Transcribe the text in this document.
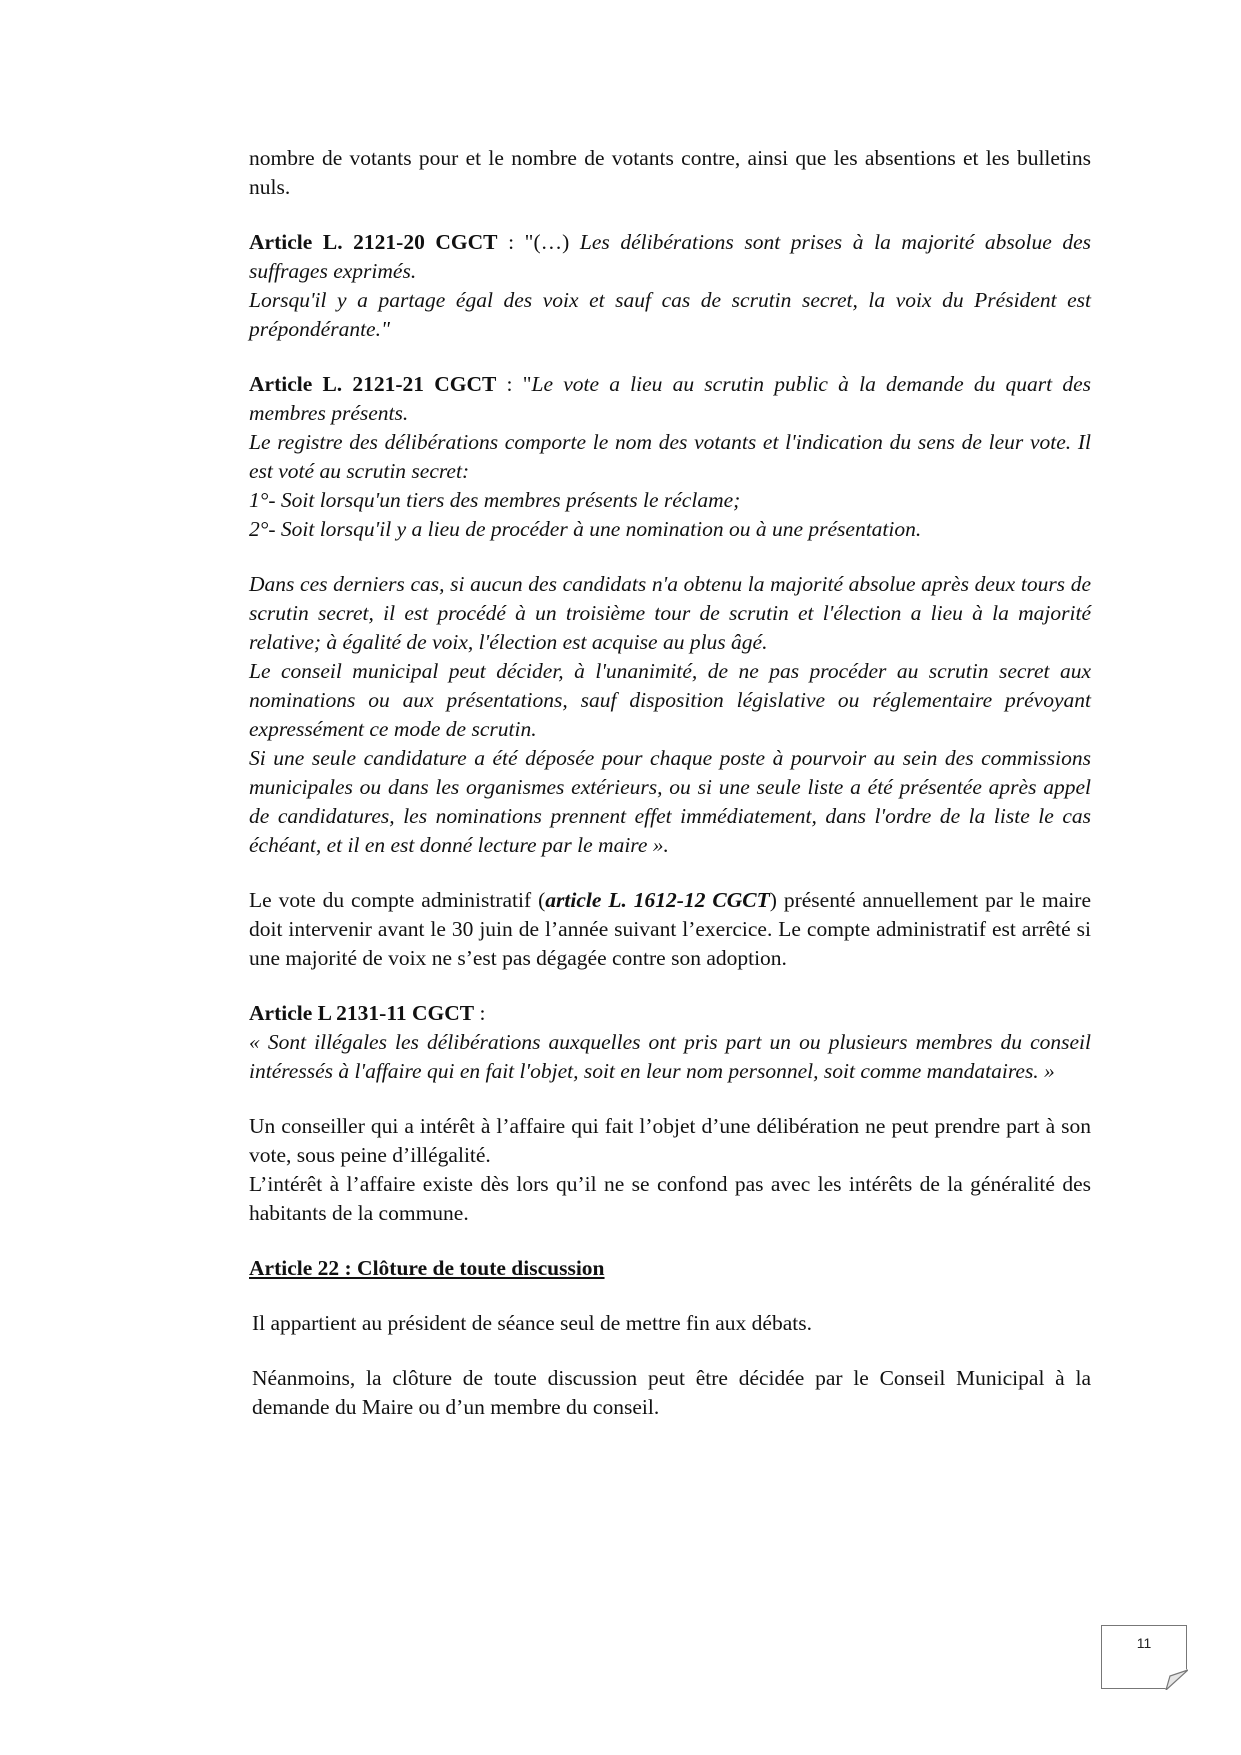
nombre de votants pour et le nombre de votants contre, ainsi que les absentions et les bulletins nuls.

Article L. 2121-20 CGCT : "(…) Les délibérations sont prises à la majorité absolue des suffrages exprimés.

Lorsqu'il y a partage égal des voix et sauf cas de scrutin secret, la voix du Président est prépondérante."

Article L. 2121-21 CGCT : "Le vote a lieu au scrutin public à la demande du quart des membres présents.

Le registre des délibérations comporte le nom des votants et l'indication du sens de leur vote. Il est voté au scrutin secret:

1°- Soit lorsqu'un tiers des membres présents le réclame;

2°- Soit lorsqu'il y a lieu de procéder à une nomination ou à une présentation.

Dans ces derniers cas, si aucun des candidats n'a obtenu la majorité absolue après deux tours de scrutin secret, il est procédé à un troisième tour de scrutin et l'élection a lieu à la majorité relative; à égalité de voix, l'élection est acquise au plus âgé.

Le conseil municipal peut décider, à l'unanimité, de ne pas procéder au scrutin secret aux nominations ou aux présentations, sauf disposition législative ou réglementaire prévoyant expressément ce mode de scrutin.

Si une seule candidature a été déposée pour chaque poste à pourvoir au sein des commissions municipales ou dans les organismes extérieurs, ou si une seule liste a été présentée après appel de candidatures, les nominations prennent effet immédiatement, dans l'ordre de la liste le cas échéant, et il en est donné lecture par le maire ».

Le vote du compte administratif (article L. 1612-12 CGCT) présenté annuellement par le maire doit intervenir avant le 30 juin de l’année suivant l’exercice. Le compte administratif est arrêté si une majorité de voix ne s’est pas dégagée contre son adoption.

Article L 2131-11 CGCT :

« Sont illégales les délibérations auxquelles ont pris part un ou plusieurs membres du conseil intéressés à l'affaire qui en fait l'objet, soit en leur nom personnel, soit comme mandataires. »

Un conseiller qui a intérêt à l’affaire qui fait l’objet d’une délibération ne peut prendre part à son vote, sous peine d’illégalité.

L’intérêt à l’affaire existe dès lors qu’il ne se confond pas avec les intérêts de la généralité des habitants de la commune.

Article 22 : Clôture de toute discussion

Il appartient au président de séance seul de mettre fin aux débats.

Néanmoins, la clôture de toute discussion peut être décidée par le Conseil Municipal à la demande du Maire ou d’un membre du conseil.

11
